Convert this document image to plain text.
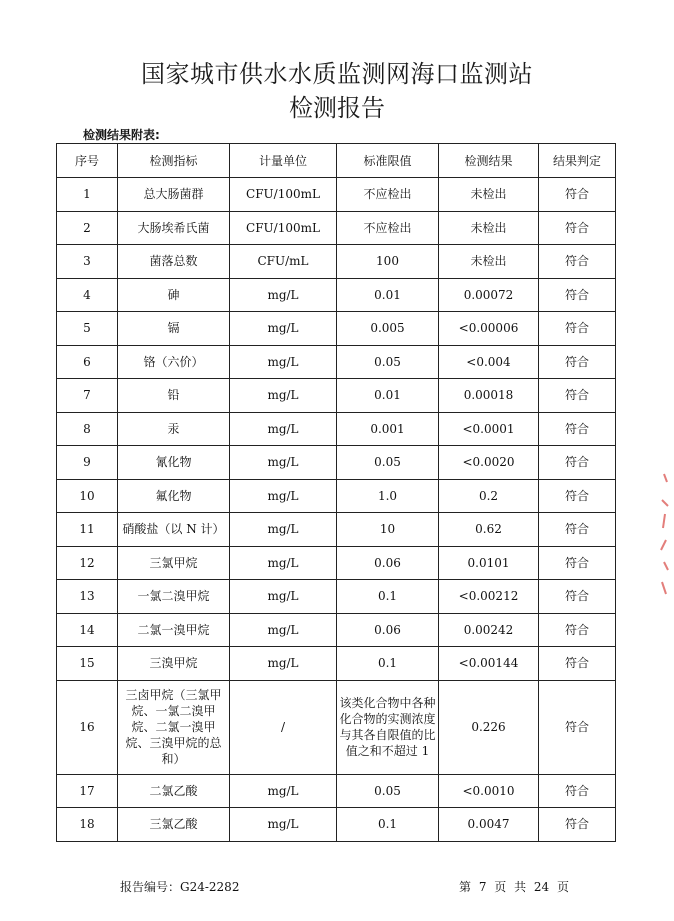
国家城市供水水质监测网海口监测站
检测报告
检测结果附表:
序号	检测指标	计量单位	标准限值	检测结果	结果判定
1	总大肠菌群	CFU/100mL	不应检出	未检出	符合
2	大肠埃希氏菌	CFU/100mL	不应检出	未检出	符合
3	菌落总数	CFU/mL	100	未检出	符合
4	砷	mg/L	0.01	0.00072	符合
5	镉	mg/L	0.005	<0.00006	符合
6	铬（六价）	mg/L	0.05	<0.004	符合
7	铅	mg/L	0.01	0.00018	符合
8	汞	mg/L	0.001	<0.0001	符合
9	氰化物	mg/L	0.05	<0.0020	符合
10	氟化物	mg/L	1.0	0.2	符合
11	硝酸盐（以 N 计）	mg/L	10	0.62	符合
12	三氯甲烷	mg/L	0.06	0.0101	符合
13	一氯二溴甲烷	mg/L	0.1	<0.00212	符合
14	二氯一溴甲烷	mg/L	0.06	0.00242	符合
15	三溴甲烷	mg/L	0.1	<0.00144	符合
16	三卤甲烷（三氯甲烷、一氯二溴甲烷、二氯一溴甲烷、三溴甲烷的总和）	/	该类化合物中各种化合物的实测浓度与其各自限值的比值之和不超过 1	0.226	符合
17	二氯乙酸	mg/L	0.05	<0.0010	符合
18	三氯乙酸	mg/L	0.1	0.0047	符合
报告编号：G24-2282	第 7 页 共 24 页
